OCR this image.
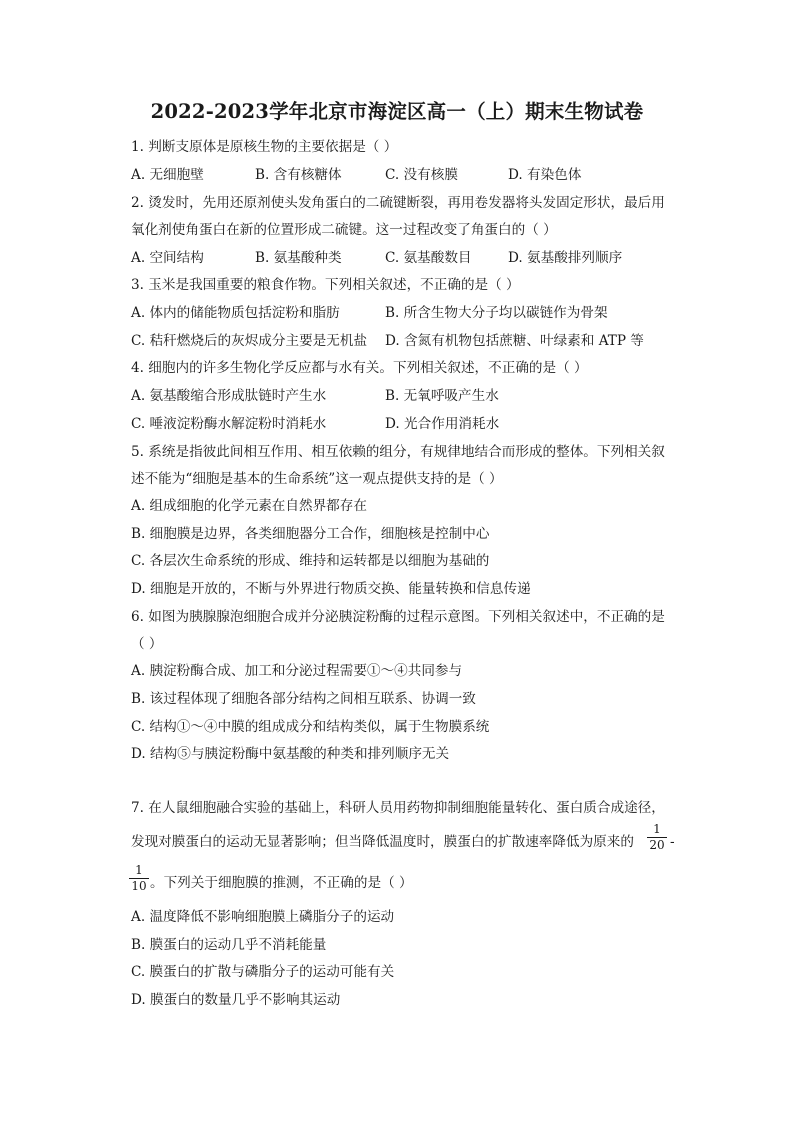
2022-2023学年北京市海淀区高一（上）期末生物试卷
1. 判断支原体是原核生物的主要依据是（ ）
A. 无细胞壁	B. 含有核糖体	C. 没有核膜	D. 有染色体
2. 烫发时，先用还原剂使头发角蛋白的二硫键断裂，再用卷发器将头发固定形状，最后用
氧化剂使角蛋白在新的位置形成二硫键。这一过程改变了角蛋白的（ ）
A. 空间结构	B. 氨基酸种类	C. 氨基酸数目	D. 氨基酸排列顺序
3. 玉米是我国重要的粮食作物。下列相关叙述，不正确的是（ ）
A. 体内的储能物质包括淀粉和脂肪	B. 所含生物大分子均以碳链作为骨架
C. 秸秆燃烧后的灰烬成分主要是无机盐 D. 含氮有机物包括蔗糖、叶绿素和 ATP 等
4. 细胞内的许多生物化学反应都与水有关。下列相关叙述，不正确的是（ ）
A. 氨基酸缩合形成肽链时产生水	B. 无氧呼吸产生水
C. 唾液淀粉酶水解淀粉时消耗水	D. 光合作用消耗水
5. 系统是指彼此间相互作用、相互依赖的组分，有规律地结合而形成的整体。下列相关叙
述不能为“细胞是基本的生命系统”这一观点提供支持的是（ ）
A. 组成细胞的化学元素在自然界都存在
B. 细胞膜是边界，各类细胞器分工合作，细胞核是控制中心
C. 各层次生命系统的形成、维持和运转都是以细胞为基础的
D. 细胞是开放的，不断与外界进行物质交换、能量转换和信息传递
6. 如图为胰腺腺泡细胞合成并分泌胰淀粉酶的过程示意图。下列相关叙述中，不正确的是
（ ）
A. 胰淀粉酶合成、加工和分泌过程需要①～④共同参与
B. 该过程体现了细胞各部分结构之间相互联系、协调一致
C. 结构①～④中膜的组成成分和结构类似，属于生物膜系统
D. 结构⑤与胰淀粉酶中氨基酸的种类和排列顺序无关
7. 在人鼠细胞融合实验的基础上，科研人员用药物抑制细胞能量转化、蛋白质合成途径，
发现对膜蛋白的运动无显著影响；但当降低温度时，膜蛋白的扩散速率降低为原来的
1
20 -
1
10 。下列关于细胞膜的推测，不正确的是（ ）
A. 温度降低不影响细胞膜上磷脂分子的运动
B. 膜蛋白的运动几乎不消耗能量
C. 膜蛋白的扩散与磷脂分子的运动可能有关
D. 膜蛋白的数量几乎不影响其运动
